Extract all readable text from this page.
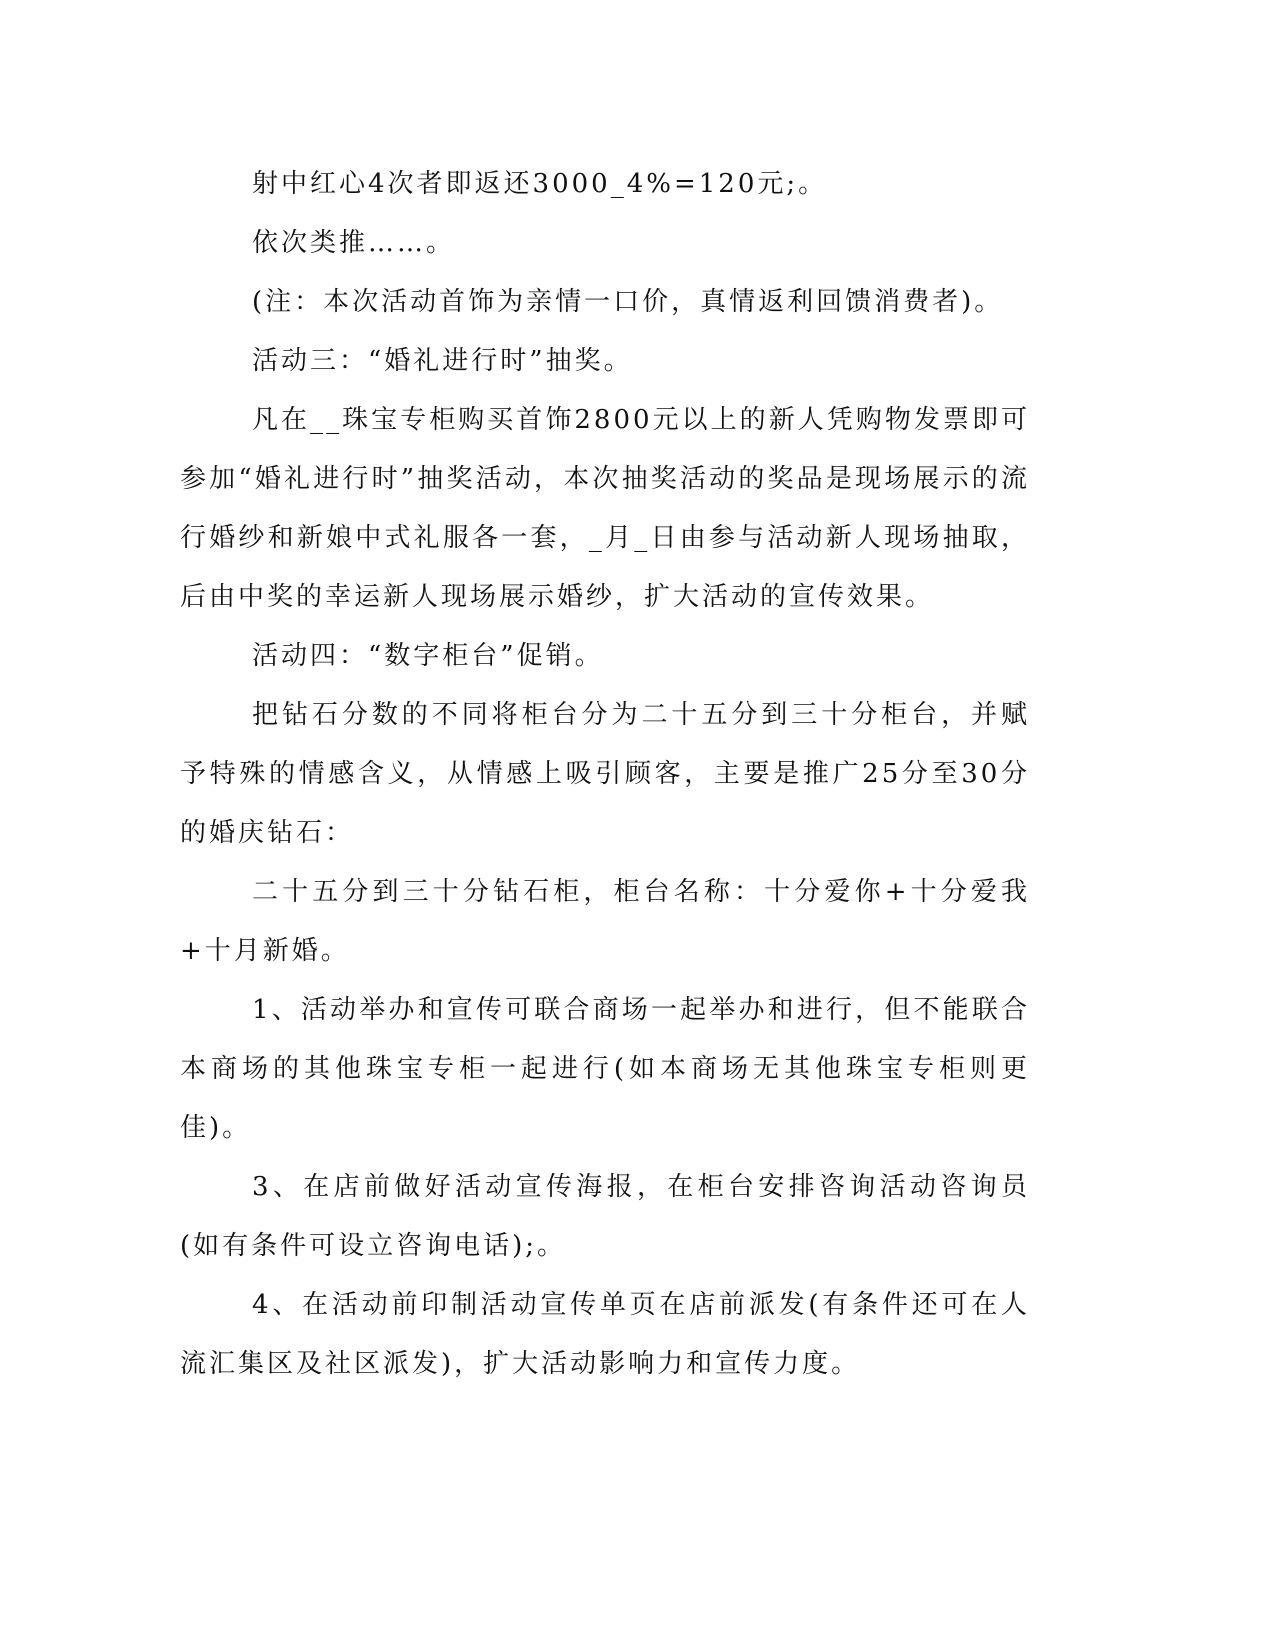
射中红心4次者即返还3000_4%=120元;。

依次类推……。

(注：本次活动首饰为亲情一口价，真情返利回馈消费者)。

活动三：“婚礼进行时”抽奖。

凡在__珠宝专柜购买首饰2800元以上的新人凭购物发票即可参加“婚礼进行时”抽奖活动，本次抽奖活动的奖品是现场展示的流行婚纱和新娘中式礼服各一套，_月_日由参与活动新人现场抽取，后由中奖的幸运新人现场展示婚纱，扩大活动的宣传效果。

活动四：“数字柜台”促销。

把钻石分数的不同将柜台分为二十五分到三十分柜台，并赋予特殊的情感含义，从情感上吸引顾客，主要是推广25分至30分的婚庆钻石：

二十五分到三十分钻石柜，柜台名称：十分爱你+十分爱我+十月新婚。

1、活动举办和宣传可联合商场一起举办和进行，但不能联合本商场的其他珠宝专柜一起进行(如本商场无其他珠宝专柜则更佳)。

3、在店前做好活动宣传海报，在柜台安排咨询活动咨询员(如有条件可设立咨询电话);。

4、在活动前印制活动宣传单页在店前派发(有条件还可在人流汇集区及社区派发)，扩大活动影响力和宣传力度。
